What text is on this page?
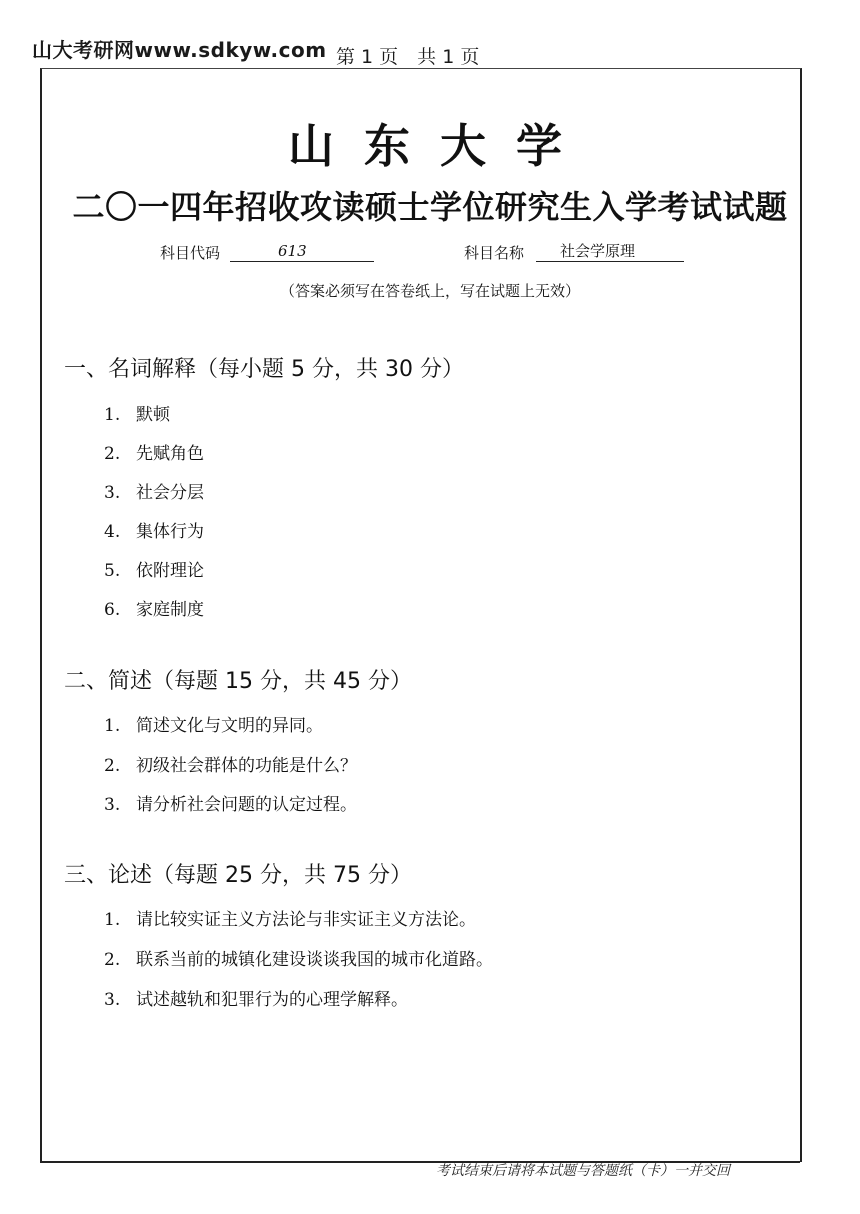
山大考研网www.sdkyw.com 第 1 页　共 1 页
山东大学
二〇一四年招收攻读硕士学位研究生入学考试试题
科目代码	613	科目名称	社会学原理
（答案必须写在答卷纸上，写在试题上无效）
一、名词解释（每小题 5 分，共 30 分）
1. 默顿
2. 先赋角色
3. 社会分层
4. 集体行为
5. 依附理论
6. 家庭制度
二、简述（每题 15 分，共 45 分）
1. 简述文化与文明的异同。
2. 初级社会群体的功能是什么？
3. 请分析社会问题的认定过程。
三、论述（每题 25 分，共 75 分）
1. 请比较实证主义方法论与非实证主义方法论。
2. 联系当前的城镇化建设谈谈我国的城市化道路。
3. 试述越轨和犯罪行为的心理学解释。
考试结束后请将本试题与答题纸（卡）一并交回
